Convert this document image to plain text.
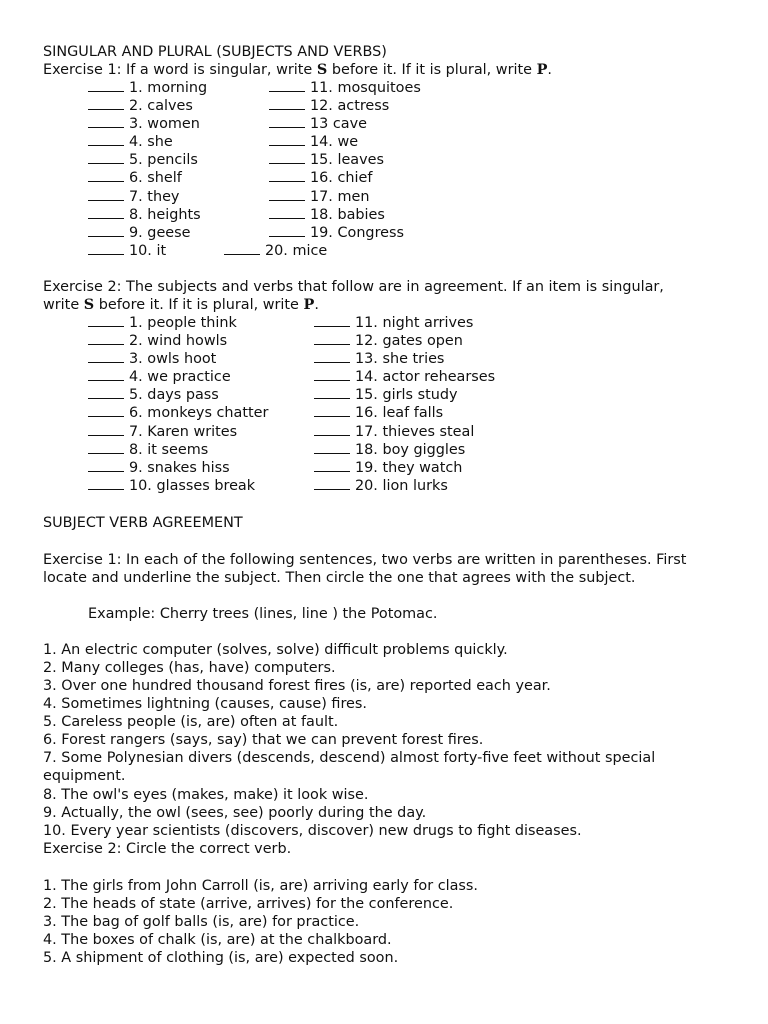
SINGULAR AND PLURAL (SUBJECTS AND VERBS)
Exercise 1: If a word is singular, write S before it. If it is plural, write P.
1. morning
2. calves
3. women
4. she
5. pencils
6. shelf
7. they
8. heights
9. geese
10. it
11. mosquitoes
12. actress
13 cave
14. we
15. leaves
16. chief
17. men
18. babies
19. Congress
20. mice
Exercise 2: The subjects and verbs that follow are in agreement. If an item is singular,
write S before it. If it is plural, write P.
1. people think
2. wind howls
3. owls hoot
4. we practice
5. days pass
6. monkeys chatter
7. Karen writes
8. it seems
9. snakes hiss
10. glasses break
11. night arrives
12. gates open
13. she tries
14. actor rehearses
15. girls study
16. leaf falls
17. thieves steal
18. boy giggles
19. they watch
20. lion lurks
SUBJECT VERB AGREEMENT
Exercise 1: In each of the following sentences, two verbs are written in parentheses. First
locate and underline the subject. Then circle the one that agrees with the subject.
Example: Cherry trees (lines, line ) the Potomac.
1. An electric computer (solves, solve) difficult problems quickly.
2. Many colleges (has, have) computers.
3. Over one hundred thousand forest fires (is, are) reported each year.
4. Sometimes lightning (causes, cause) fires.
5. Careless people (is, are) often at fault.
6. Forest rangers (says, say) that we can prevent forest fires.
7. Some Polynesian divers (descends, descend) almost forty-five feet without special
equipment.
8. The owl's eyes (makes, make) it look wise.
9. Actually, the owl (sees, see) poorly during the day.
10. Every year scientists (discovers, discover) new drugs to fight diseases.
Exercise 2: Circle the correct verb.
1. The girls from John Carroll (is, are) arriving early for class.
2. The heads of state (arrive, arrives) for the conference.
3. The bag of golf balls (is, are) for practice.
4. The boxes of chalk (is, are) at the chalkboard.
5. A shipment of clothing (is, are) expected soon.
